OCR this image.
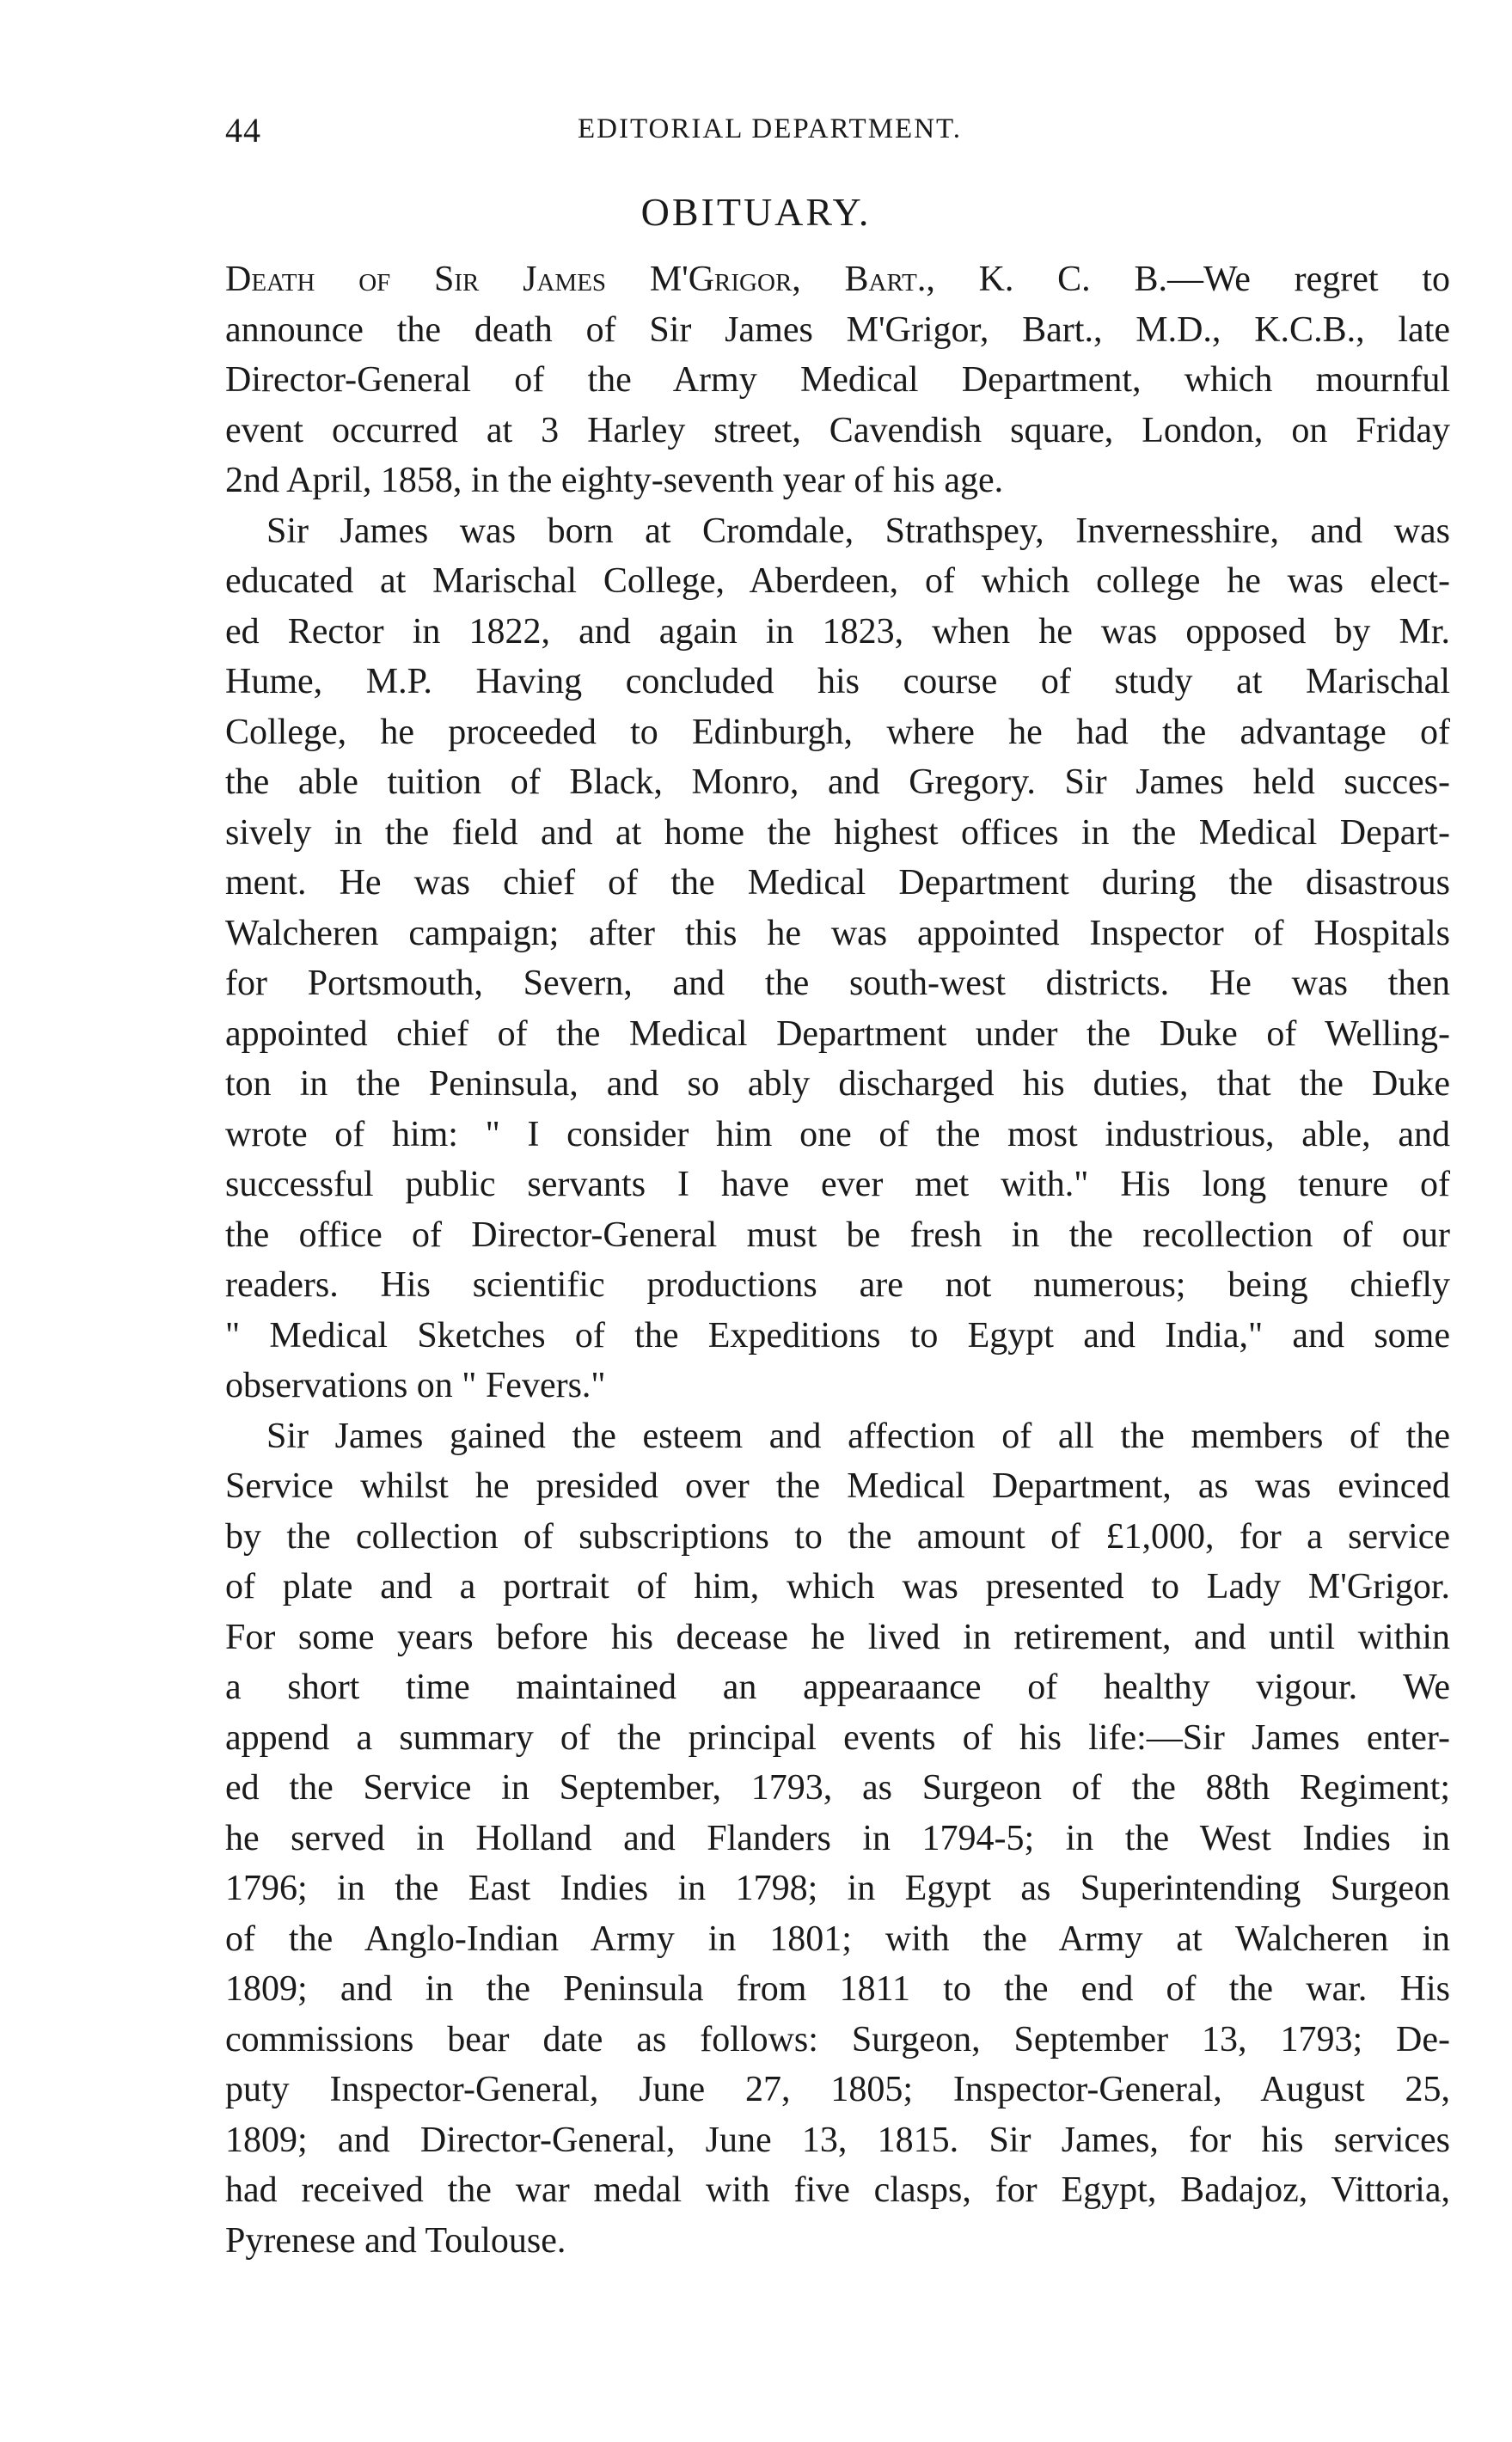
44	EDITORIAL DEPARTMENT.
OBITUARY.
Death of Sir James M'Grigor, Bart., K. C. B.—We regret to
announce the death of Sir James M'Grigor, Bart., M.D., K.C.B., late
Director-General of the Army Medical Department, which mournful
event occurred at 3 Harley street, Cavendish square, London, on Friday
2nd April, 1858, in the eighty-seventh year of his age.
Sir James was born at Cromdale, Strathspey, Invernesshire, and was
educated at Marischal College, Aberdeen, of which college he was elect-
ed Rector in 1822, and again in 1823, when he was opposed by Mr.
Hume, M.P. Having concluded his course of study at Marischal
College, he proceeded to Edinburgh, where he had the advantage of
the able tuition of Black, Monro, and Gregory. Sir James held succes-
sively in the field and at home the highest offices in the Medical Depart-
ment. He was chief of the Medical Department during the disastrous
Walcheren campaign; after this he was appointed Inspector of Hospitals
for Portsmouth, Severn, and the south-west districts. He was then
appointed chief of the Medical Department under the Duke of Welling-
ton in the Peninsula, and so ably discharged his duties, that the Duke
wrote of him: " I consider him one of the most industrious, able, and
successful public servants I have ever met with." His long tenure of
the office of Director-General must be fresh in the recollection of our
readers. His scientific productions are not numerous; being chiefly
" Medical Sketches of the Expeditions to Egypt and India," and some
observations on " Fevers."
Sir James gained the esteem and affection of all the members of the
Service whilst he presided over the Medical Department, as was evinced
by the collection of subscriptions to the amount of £1,000, for a service
of plate and a portrait of him, which was presented to Lady M'Grigor.
For some years before his decease he lived in retirement, and until within
a short time maintained an appearaance of healthy vigour. We
append a summary of the principal events of his life:—Sir James enter-
ed the Service in September, 1793, as Surgeon of the 88th Regiment;
he served in Holland and Flanders in 1794-5; in the West Indies in
1796; in the East Indies in 1798; in Egypt as Superintending Surgeon
of the Anglo-Indian Army in 1801; with the Army at Walcheren in
1809; and in the Peninsula from 1811 to the end of the war. His
commissions bear date as follows: Surgeon, September 13, 1793; De-
puty Inspector-General, June 27, 1805; Inspector-General, August 25,
1809; and Director-General, June 13, 1815. Sir James, for his services
had received the war medal with five clasps, for Egypt, Badajoz, Vittoria,
Pyrenese and Toulouse.
